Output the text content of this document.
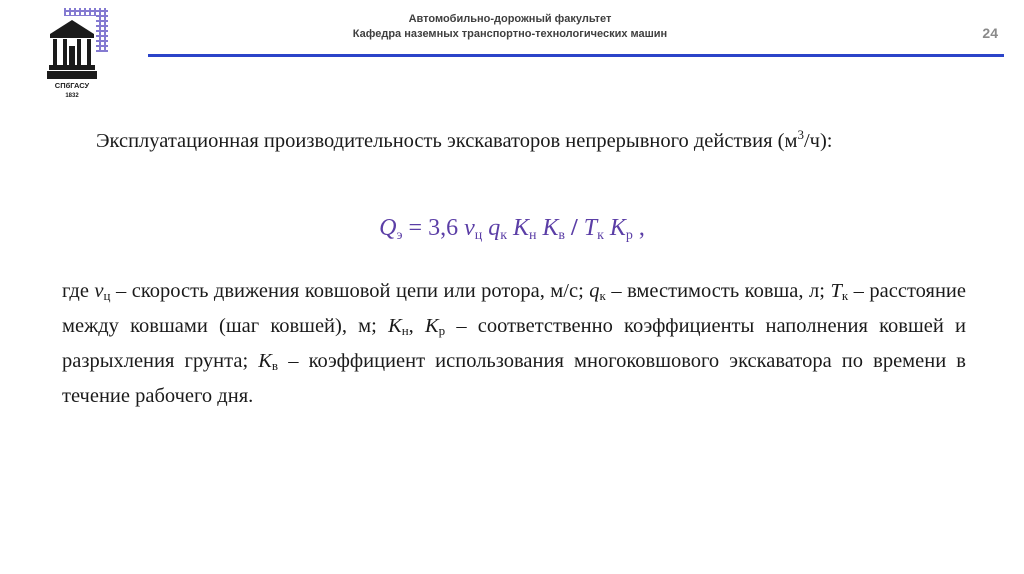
СПбГАСУ
1832
Автомобильно-дорожный факультет
Кафедра наземных транспортно-технологических машин	24
Эксплуатационная производительность экскаваторов непрерывного действия $(м^3/ч)$:
$Q_э = 3,6$ $v_ц$ $q_к$ $К_н$ $К_в / Т_к$ $К_р$ ,
где $v_ц$ – скорость движения ковшовой цепи или ротора, м/с; $q_к$ – вместимость ковша, л; $Т_к$ – расстояние между ковшами (шаг ковшей), м; $К_н$, $К_р$ – соответственно коэффициенты наполнения ковшей и разрыхления грунта; $К_в$ – коэффициент использования многоковшового экскаватора по времени в течение рабочего дня.
